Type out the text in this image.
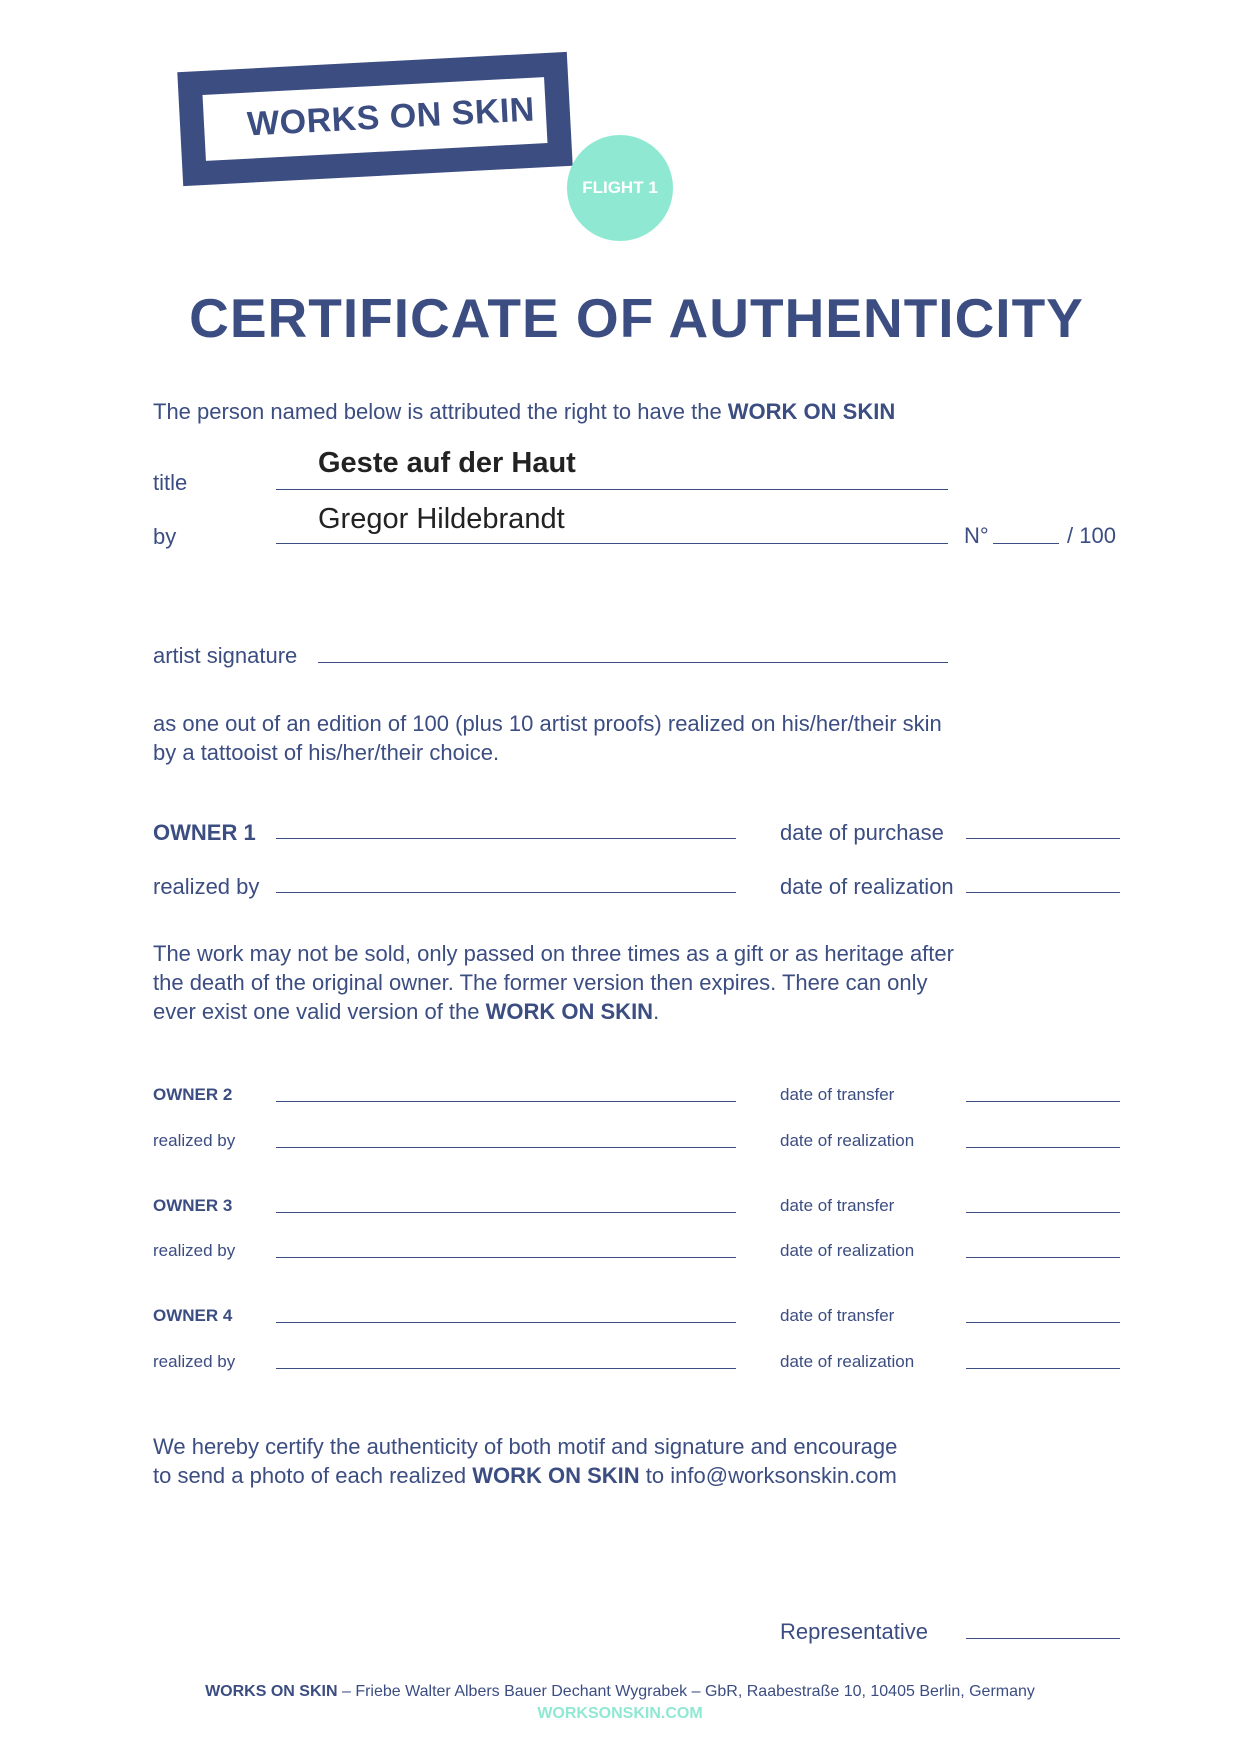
WORKS ON SKIN
FLIGHT 1
CERTIFICATE OF AUTHENTICITY
The person named below is attributed the right to have the WORK ON SKIN
title
Geste auf der Haut
by
Gregor Hildebrandt
N°	/ 100
artist signature
as one out of an edition of 100 (plus 10 artist proofs) realized on his/her/their skin
by a tattooist of his/her/their choice.
OWNER 1	date of purchase
realized by	date of realization
The work may not be sold, only passed on three times as a gift or as heritage after
the death of the original owner. The former version then expires. There can only
ever exist one valid version of the WORK ON SKIN.
OWNER 2	date of transfer
realized by	date of realization
OWNER 3	date of transfer
realized by	date of realization
OWNER 4	date of transfer
realized by	date of realization
We hereby certify the authenticity of both motif and signature and encourage
to send a photo of each realized WORK ON SKIN to info@worksonskin.com
Representative
WORKS ON SKIN – Friebe Walter Albers Bauer Dechant Wygrabek – GbR, Raabestraße 10, 10405 Berlin, Germany
WORKSONSKIN.COM
